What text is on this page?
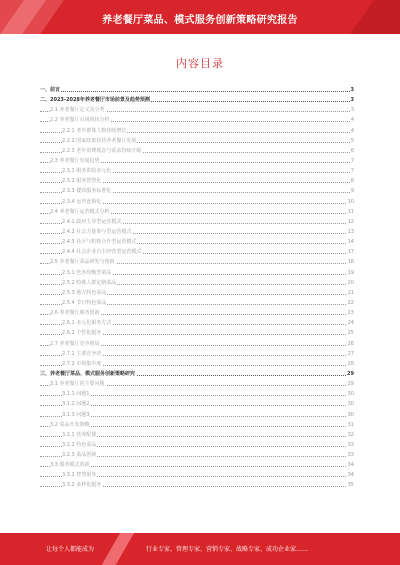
养老餐厅菜品、模式服务创新策略研究报告
内容目录
一、前言	3
二、2023-2028年养老餐厅市场前景及趋势预测	3
2.1 养老餐厅定义及分类	3
2.2 养老餐厅市场现状分析	4
2.2.1 老年群体人数持续增长	4
2.2.2 国家政策扶持养老餐厅发展	5
2.2.3 老年消费观念与需求持续升级	6
2.3 养老餐厅发展趋势	7
2.3.1 服务供给多元化	7
2.3.2 服务智慧化	8
2.3.3 餐饮服务标准化	9
2.3.4 运营连锁化	10
2.4 养老餐厅运营模式分析	11
2.4.1 政府主导型运营模式	12
2.4.2 社会力量参与型运营模式	13
2.4.3 社区与机构合作型运营模式	14
2.4.4 社会企业自主经营型运营模式	17
2.5 养老餐厅菜品研发与创新	18
2.5.1 营养均衡型菜品	19
2.5.2 特殊人群定制菜品	20
2.5.3 地方特色菜品	21
2.5.4 节日特色菜品	22
2.6 养老餐厅服务创新	23
2.6.1 多元化服务方式	24
2.6.2 个性化服务	25
2.7 养老餐厅竞争格局	26
2.7.1 主要竞争者	27
2.7.2 市场集中度	28
三、养老餐厅菜品、模式服务创新策略研究	29
3.1 养老餐厅的主要问题	29
3.1.1 问题1	30
3.1.2 问题2	30
3.1.3 问题3	30
3.2 菜品开发策略	31
3.2.1 营养配餐	32
3.2.2 特色菜品	33
3.2.3 菜品创新	33
3.3 服务模式创新	34
3.3.1 智慧服务	34
3.3.2 多样化服务	35
让每个人都能成为	行业专家、管理专家、营销专家、战略专家、成功企业家……
